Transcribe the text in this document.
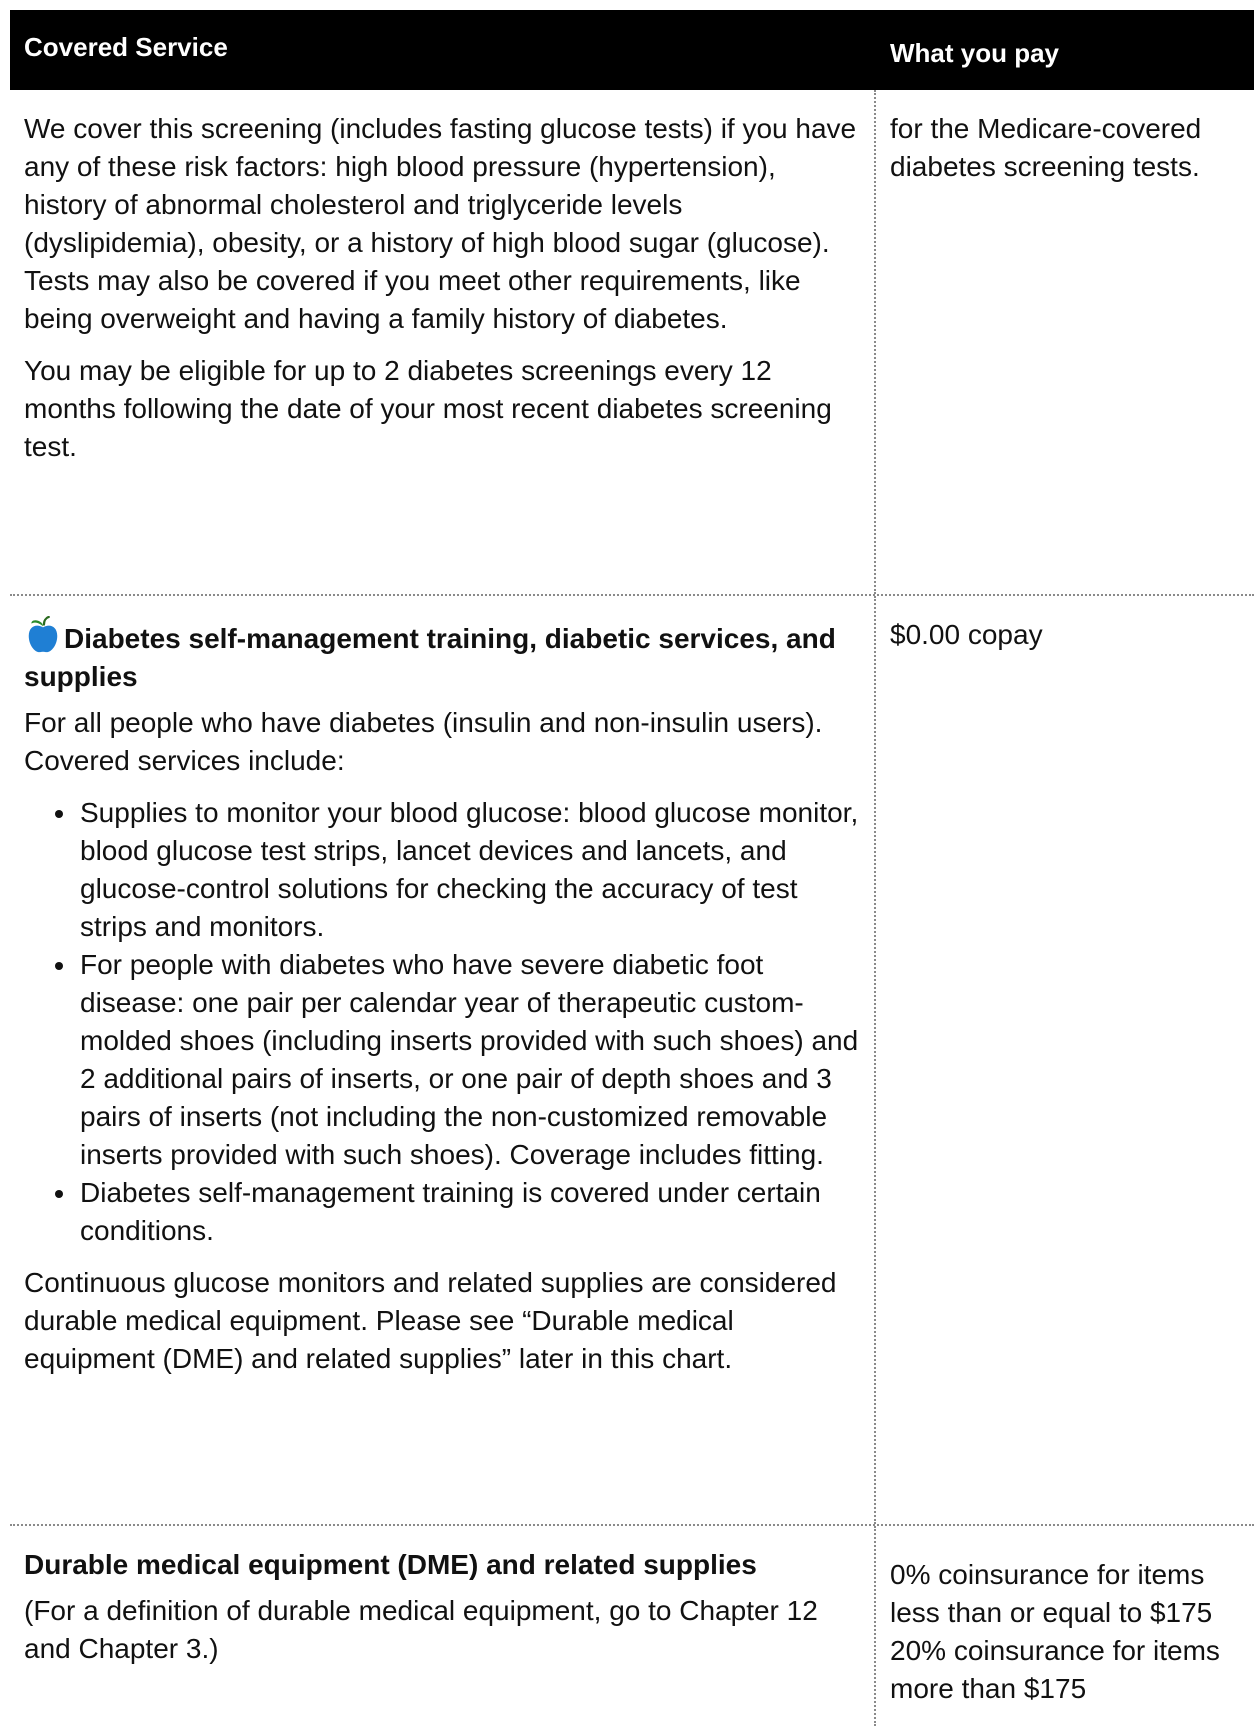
Covered Service	What you pay

We cover this screening (includes fasting glucose tests) if you have any of these risk factors: high blood pressure (hypertension), history of abnormal cholesterol and triglyceride levels (dyslipidemia), obesity, or a history of high blood sugar (glucose). Tests may also be covered if you meet other requirements, like being overweight and having a family history of diabetes.

You may be eligible for up to 2 diabetes screenings every 12 months following the date of your most recent diabetes screening test.

for the Medicare-covered diabetes screening tests.
Diabetes self-management training, diabetic services, and supplies

For all people who have diabetes (insulin and non-insulin users). Covered services include:

• Supplies to monitor your blood glucose: blood glucose monitor, blood glucose test strips, lancet devices and lancets, and glucose-control solutions for checking the accuracy of test strips and monitors.
• For people with diabetes who have severe diabetic foot disease: one pair per calendar year of therapeutic custom-molded shoes (including inserts provided with such shoes) and 2 additional pairs of inserts, or one pair of depth shoes and 3 pairs of inserts (not including the non-customized removable inserts provided with such shoes). Coverage includes fitting.
• Diabetes self-management training is covered under certain conditions.

Continuous glucose monitors and related supplies are considered durable medical equipment. Please see “Durable medical equipment (DME) and related supplies” later in this chart.

$0.00 copay
Durable medical equipment (DME) and related supplies

(For a definition of durable medical equipment, go to Chapter 12 and Chapter 3.)

0% coinsurance for items less than or equal to $175
20% coinsurance for items more than $175
